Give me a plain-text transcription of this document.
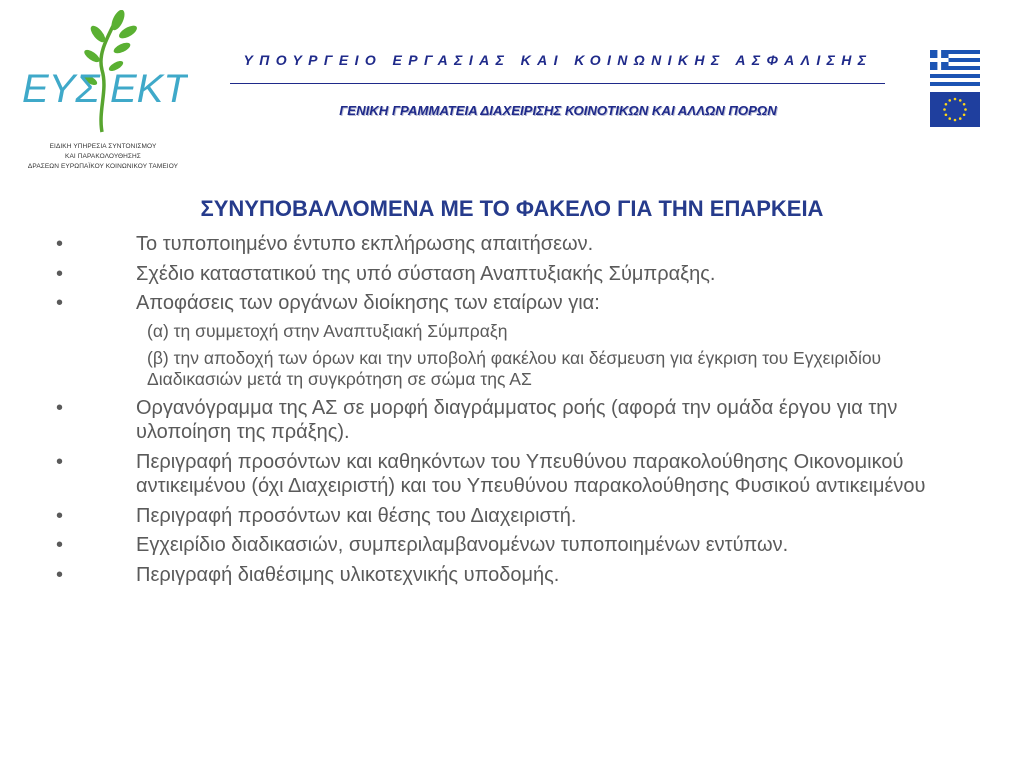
ΕΥΣ ΕΚΤ
ΕΙΔΙΚΗ ΥΠΗΡΕΣΙΑ ΣΥΝΤΟΝΙΣΜΟΥ
ΚΑΙ ΠΑΡΑΚΟΛΟΥΘΗΣΗΣ
ΔΡΑΣΕΩΝ ΕΥΡΩΠΑΪΚΟΥ ΚΟΙΝΩΝΙΚΟΥ ΤΑΜΕΙΟΥ
ΥΠΟΥΡΓΕΙΟ ΕΡΓΑΣΙΑΣ ΚΑΙ ΚΟΙΝΩΝΙΚΗΣ ΑΣΦΑΛΙΣΗΣ
ΓΕΝΙΚΗ ΓΡΑΜΜΑΤΕΙΑ ΔΙΑΧΕΙΡΙΣΗΣ ΚΟΙΝΟΤΙΚΩΝ ΚΑΙ ΑΛΛΩΝ ΠΟΡΩΝ
ΣΥΝΥΠΟΒΑΛΛΟΜΕΝΑ ΜΕ ΤΟ ΦΑΚΕΛΟ ΓΙΑ ΤΗΝ ΕΠΑΡΚΕΙΑ
•	Το τυποποιημένο έντυπο εκπλήρωσης απαιτήσεων.
•	Σχέδιο καταστατικού της υπό σύσταση Αναπτυξιακής Σύμπραξης.
•	Αποφάσεις των οργάνων διοίκησης των εταίρων για:
(α) τη συμμετοχή στην Αναπτυξιακή Σύμπραξη
(β) την αποδοχή των όρων και την υποβολή φακέλου και δέσμευση για έγκριση του Εγχειριδίου Διαδικασιών μετά τη συγκρότηση σε σώμα της ΑΣ
•	Οργανόγραμμα της ΑΣ σε μορφή διαγράμματος ροής (αφορά την ομάδα έργου για την υλοποίηση της πράξης).
•	Περιγραφή προσόντων και καθηκόντων του Υπευθύνου παρακολούθησης Οικονομικού αντικειμένου (όχι Διαχειριστή) και του Υπευθύνου παρακολούθησης Φυσικού αντικειμένου
•	Περιγραφή προσόντων και θέσης του Διαχειριστή.
•	Εγχειρίδιο διαδικασιών, συμπεριλαμβανομένων τυποποιημένων εντύπων.
•	Περιγραφή διαθέσιμης υλικοτεχνικής υποδομής.
